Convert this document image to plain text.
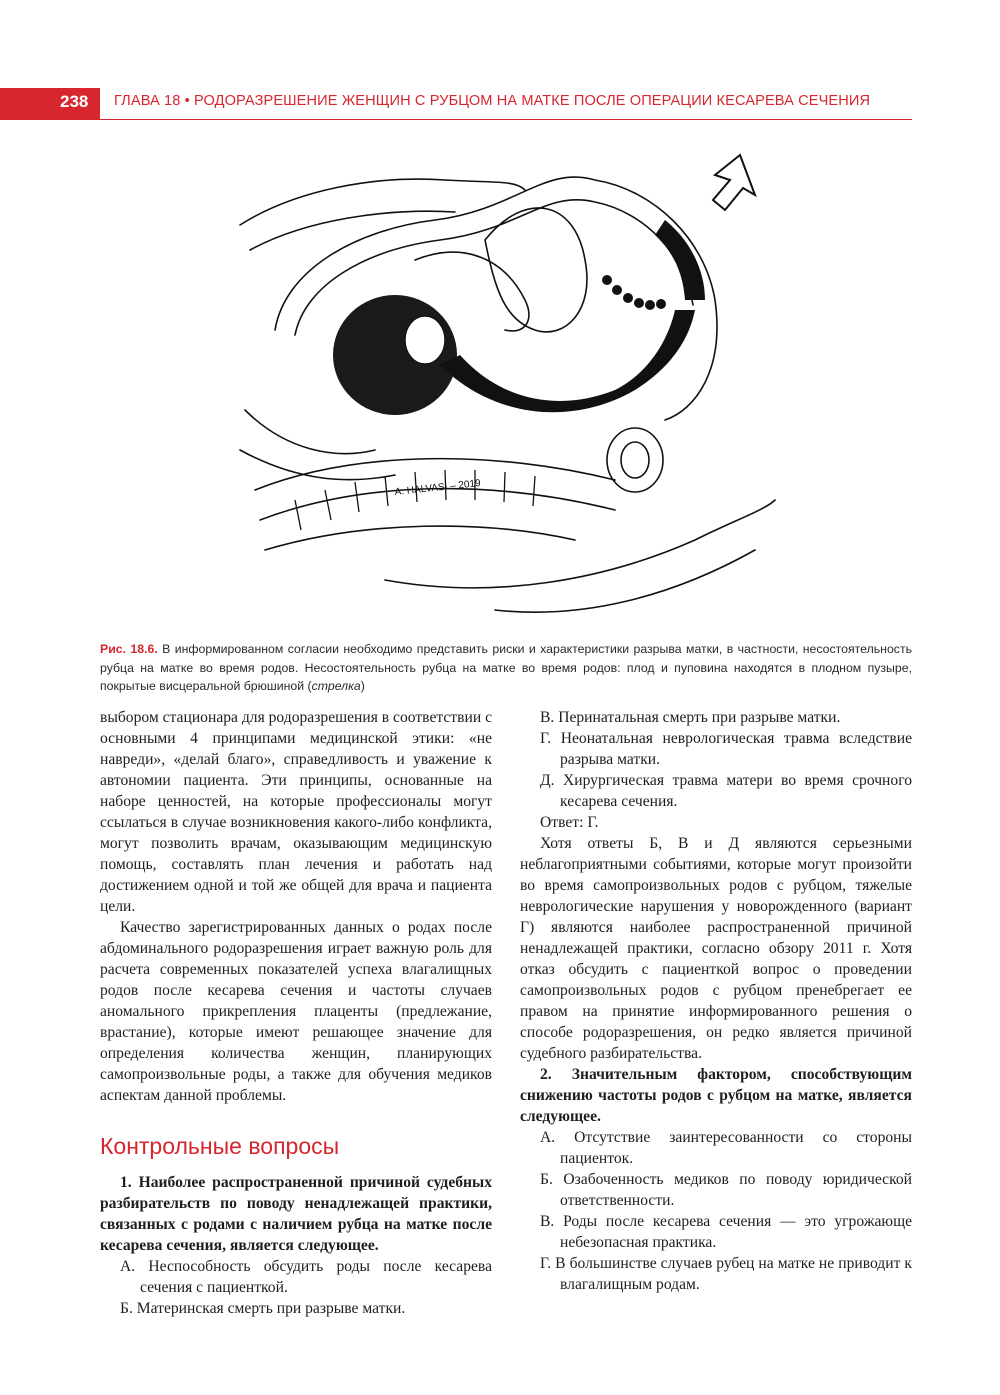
238 ГЛАВА 18 • РОДОРАЗРЕШЕНИЕ ЖЕНЩИН С РУБЦОМ НА МАТКЕ ПОСЛЕ ОПЕРАЦИИ КЕСАРЕВА СЕЧЕНИЯ
A. HALVASI – 2019
Рис. 18.6. В информированном согласии необходимо представить риски и характеристики разрыва матки, в частности, несостоятельность рубца на матке во время родов. Несостоятельность рубца на матке во время родов: плод и пуповина находятся в плодном пузыре, покрытые висцеральной брюшиной (стрелка)

выбором стационара для родоразрешения в соответствии с основными 4 принципами медицинской этики: «не навреди», «делай благо», справедливость и уважение к автономии пациента. Эти принципы, основанные на наборе ценностей, на которые профессионалы могут ссылаться в случае возникновения какого-либо конфликта, могут позволить врачам, оказывающим медицинскую помощь, составлять план лечения и работать над достижением одной и той же общей для врача и пациента цели.

Качество зарегистрированных данных о родах после абдоминального родоразрешения играет важную роль для расчета современных показателей успеха влагалищных родов после кесарева сечения и частоты случаев аномального прикрепления плаценты (предлежание, врастание), которые имеют решающее значение для определения количества женщин, планирующих самопроизвольные роды, а также для обучения медиков аспектам данной проблемы.

Контрольные вопросы

1. Наиболее распространенной причиной судебных разбирательств по поводу ненадлежащей практики, связанных с родами с наличием рубца на матке после кесарева сечения, является следующее.

А. Неспособность обсудить роды после кесарева сечения с пациенткой.

Б. Материнская смерть при разрыве матки.

В. Перинатальная смерть при разрыве матки.

Г. Неонатальная неврологическая травма вследствие разрыва матки.

Д. Хирургическая травма матери во время срочного кесарева сечения.

Ответ: Г.

Хотя ответы Б, В и Д являются серьезными неблагоприятными событиями, которые могут произойти во время самопроизвольных родов с рубцом, тяжелые неврологические нарушения у новорожденного (вариант Г) являются наиболее распространенной причиной ненадлежащей практики, согласно обзору 2011 г. Хотя отказ обсудить с пациенткой вопрос о проведении самопроизвольных родов с рубцом пренебрегает ее правом на принятие информированного решения о способе родоразрешения, он редко является причиной судебного разбирательства.

2. Значительным фактором, способствующим снижению частоты родов с рубцом на матке, является следующее.

А. Отсутствие заинтересованности со стороны пациенток.

Б. Озабоченность медиков по поводу юридической ответственности.

В. Роды после кесарева сечения — это угрожающе небезопасная практика.

Г. В большинстве случаев рубец на матке не приводит к влагалищным родам.
